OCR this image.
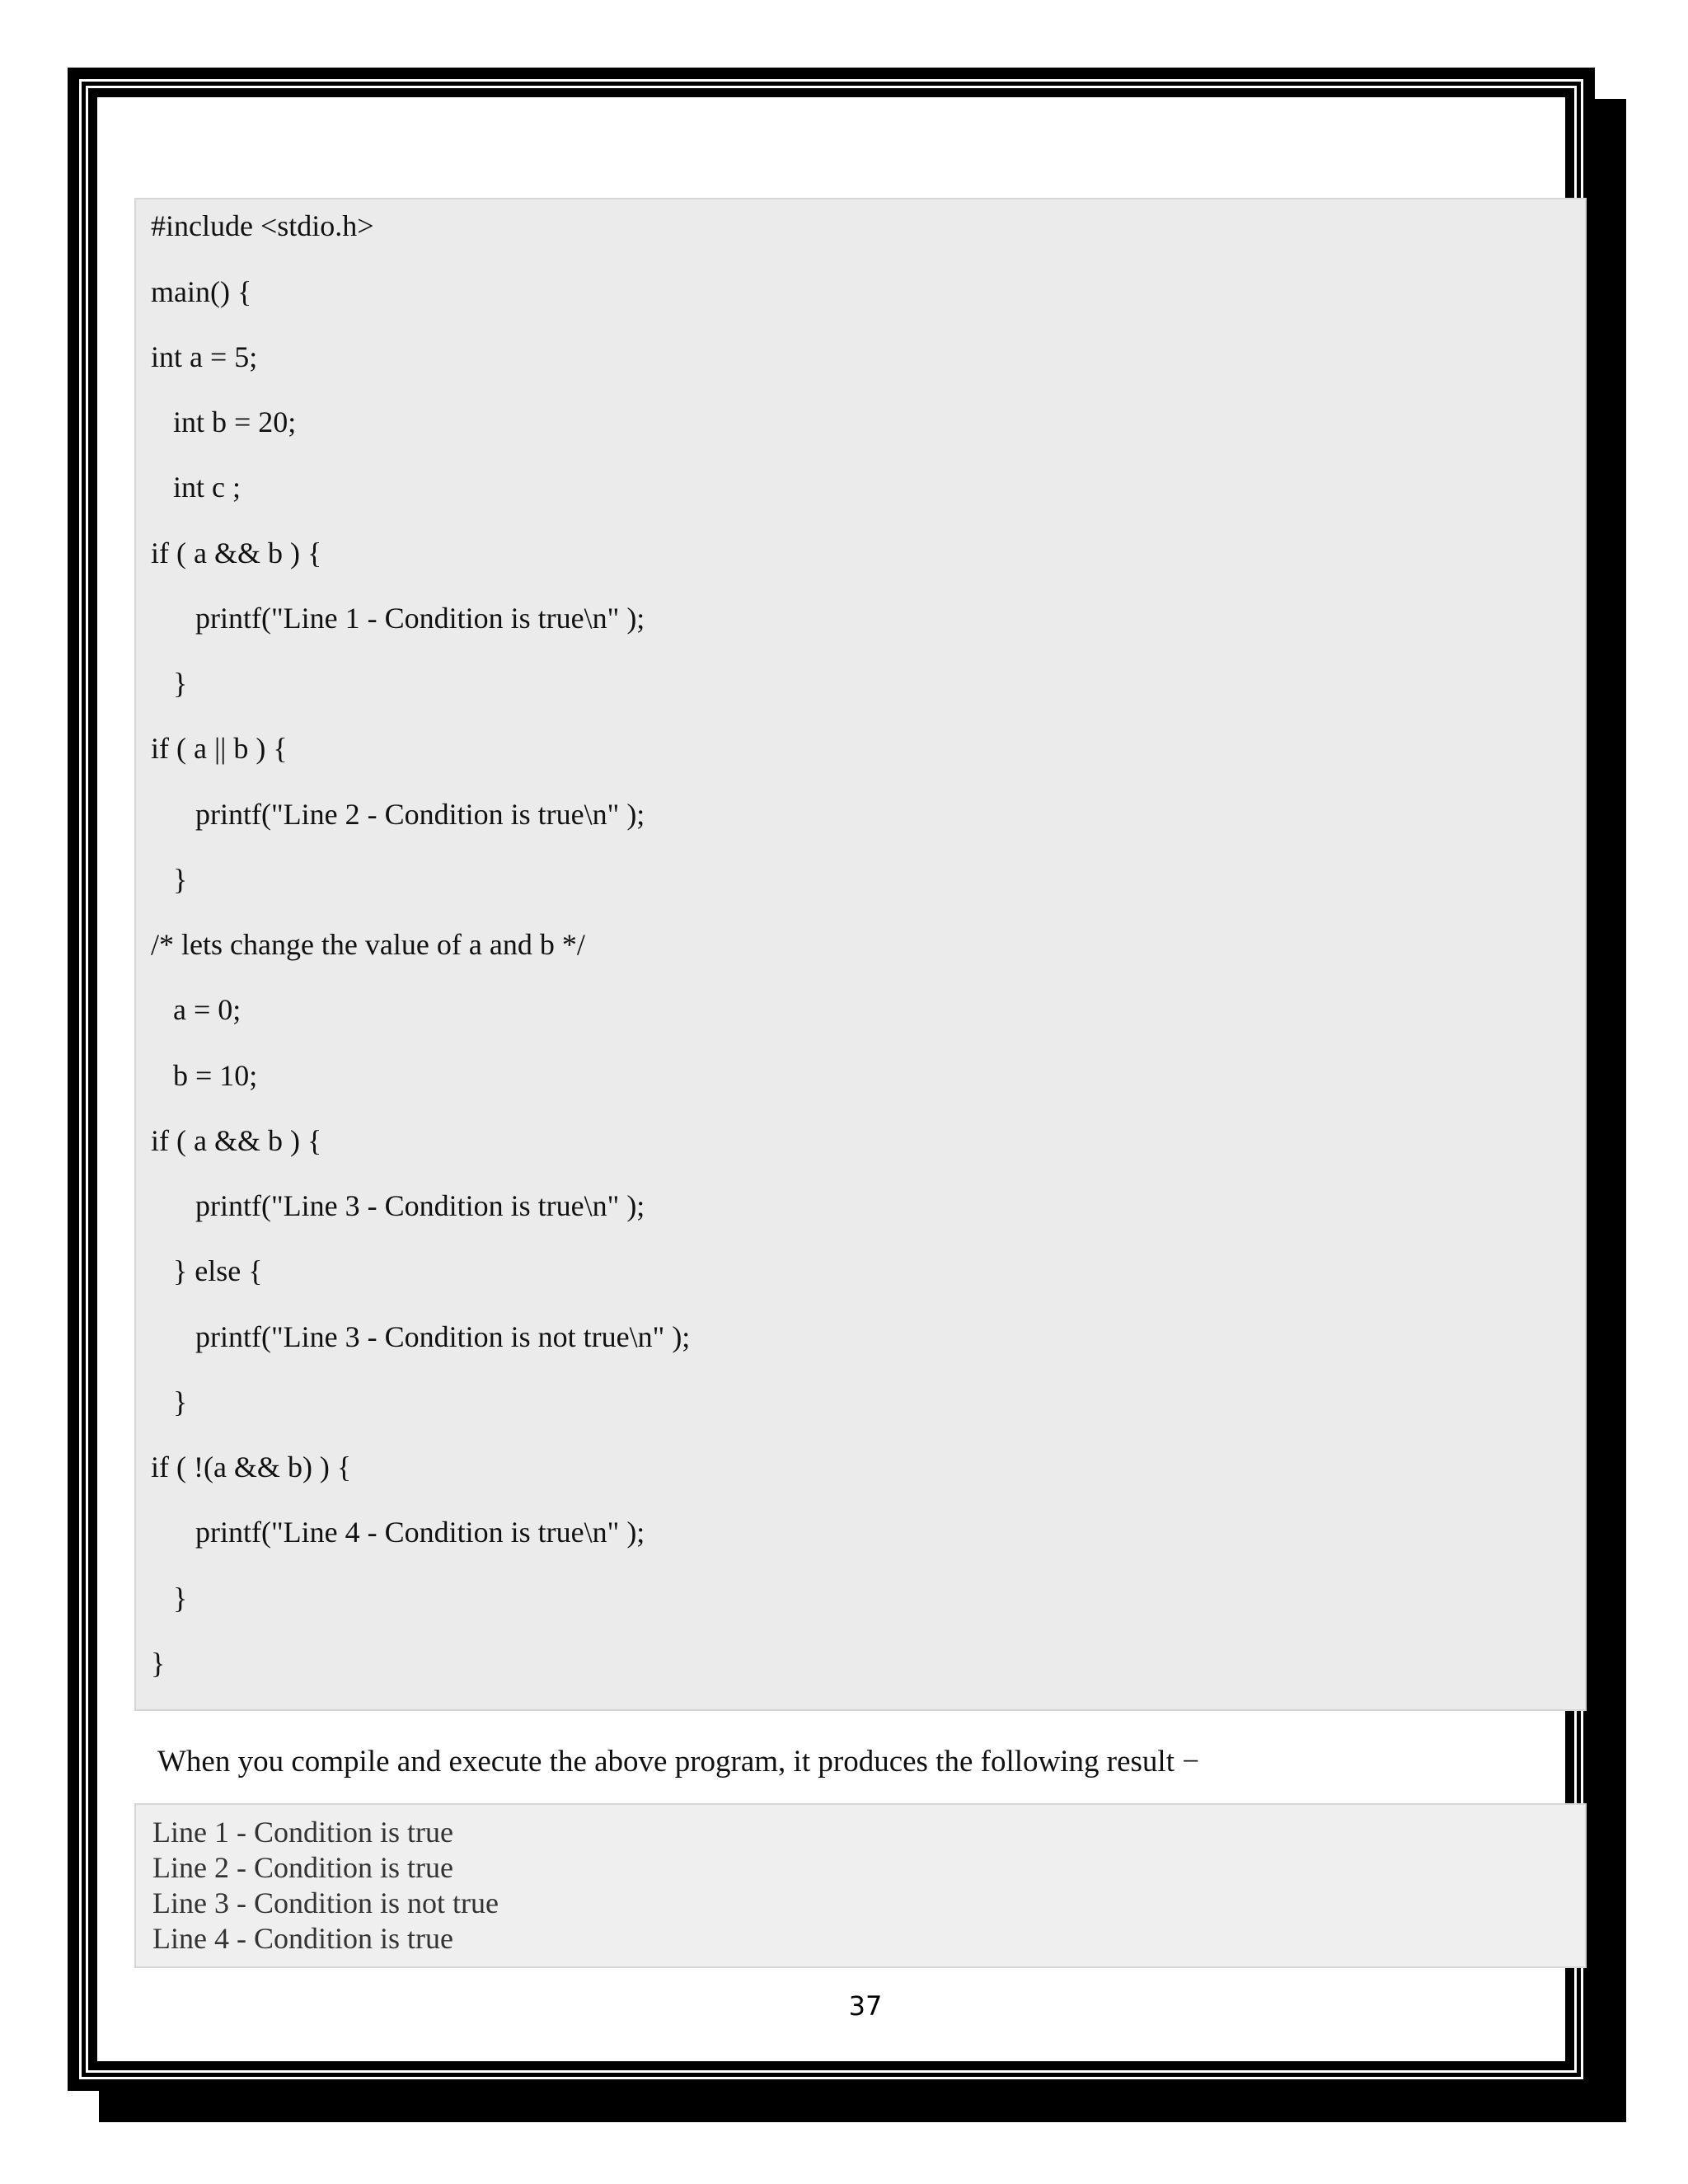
#include <stdio.h>
main() {
int a = 5;
int b = 20;
int c ;
if ( a && b ) {
printf("Line 1 - Condition is true\n" );
}
if ( a || b ) {
printf("Line 2 - Condition is true\n" );
}
/* lets change the value of a and b */
a = 0;
b = 10;
if ( a && b ) {
printf("Line 3 - Condition is true\n" );
} else {
printf("Line 3 - Condition is not true\n" );
}
if ( !(a && b) ) {
printf("Line 4 - Condition is true\n" );
}
}
When you compile and execute the above program, it produces the following result −
Line 1 - Condition is true
Line 2 - Condition is true
Line 3 - Condition is not true
Line 4 - Condition is true
37
